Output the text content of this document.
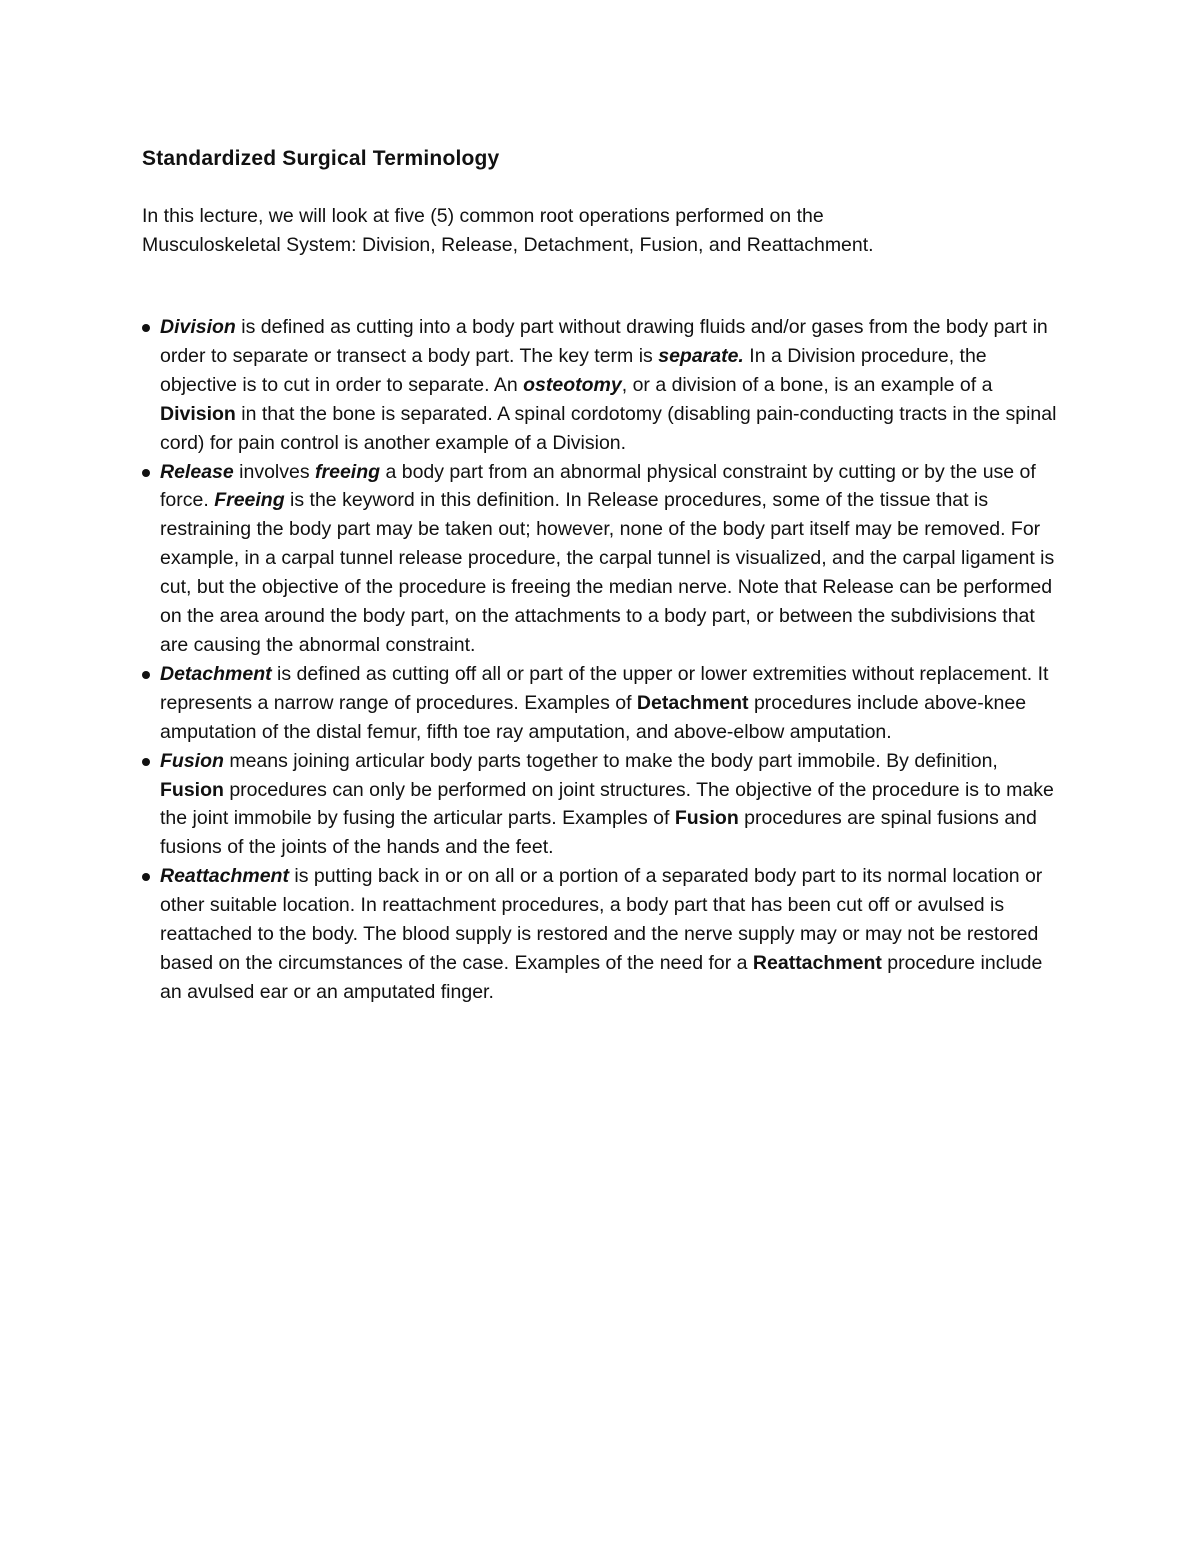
Standardized Surgical Terminology

In this lecture, we will look at five (5) common root operations performed on the
Musculoskeletal System: Division, Release, Detachment, Fusion, and Reattachment.

Division is defined as cutting into a body part without drawing fluids and/or gases from the body part in order to separate or transect a body part. The key term is separate. In a Division procedure, the objective is to cut in order to separate. An osteotomy, or a division of a bone, is an example of a Division in that the bone is separated. A spinal cordotomy (disabling pain-conducting tracts in the spinal cord) for pain control is another example of a Division.
Release involves freeing a body part from an abnormal physical constraint by cutting or by the use of force. Freeing is the keyword in this definition. In Release procedures, some of the tissue that is restraining the body part may be taken out; however, none of the body part itself may be removed. For example, in a carpal tunnel release procedure, the carpal tunnel is visualized, and the carpal ligament is cut, but the objective of the procedure is freeing the median nerve. Note that Release can be performed on the area around the body part, on the attachments to a body part, or between the subdivisions that are causing the abnormal constraint.
Detachment is defined as cutting off all or part of the upper or lower extremities without replacement. It represents a narrow range of procedures. Examples of Detachment procedures include above-knee amputation of the distal femur, fifth toe ray amputation, and above-elbow amputation.
Fusion means joining articular body parts together to make the body part immobile. By definition, Fusion procedures can only be performed on joint structures. The objective of the procedure is to make the joint immobile by fusing the articular parts. Examples of Fusion procedures are spinal fusions and fusions of the joints of the hands and the feet.
Reattachment is putting back in or on all or a portion of a separated body part to its normal location or other suitable location. In reattachment procedures, a body part that has been cut off or avulsed is reattached to the body. The blood supply is restored and the nerve supply may or may not be restored based on the circumstances of the case. Examples of the need for a Reattachment procedure include an avulsed ear or an amputated finger.
